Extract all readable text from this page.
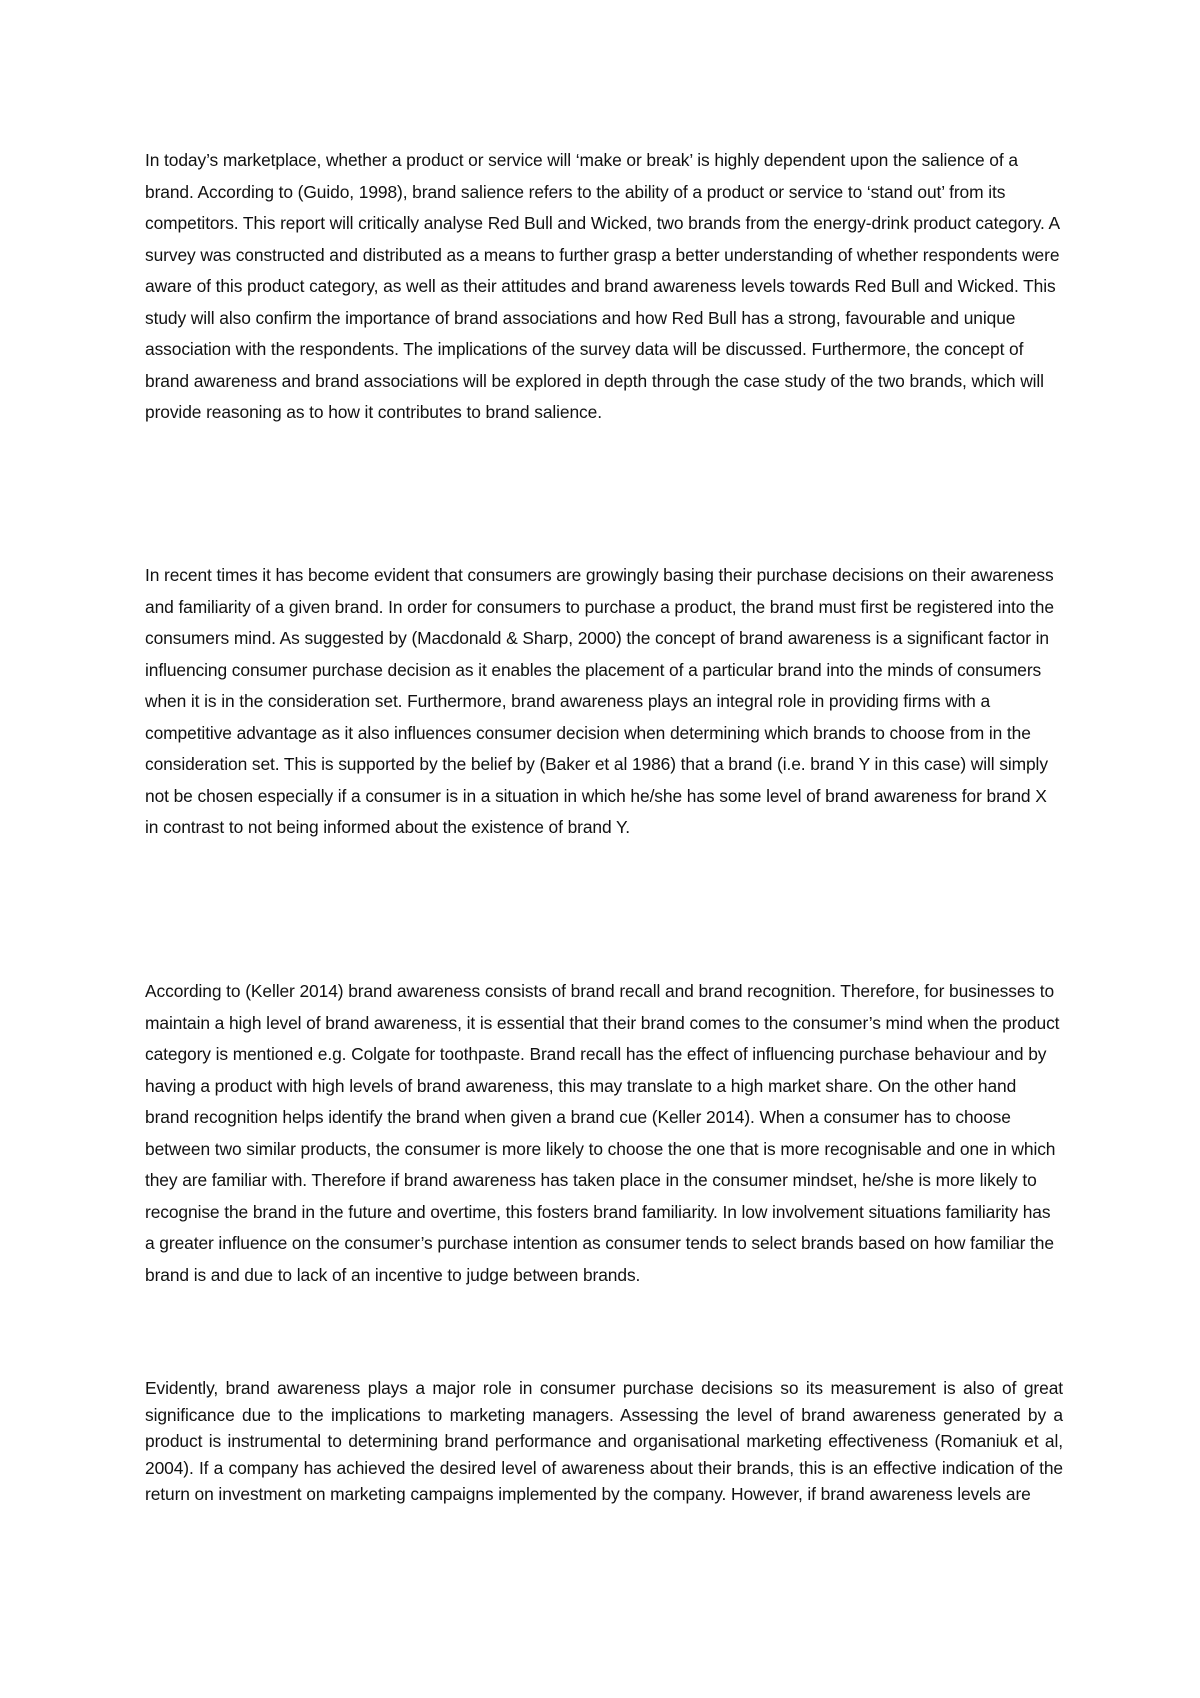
In today’s marketplace, whether a product or service will ‘make or break’ is highly dependent upon the salience of a brand. According to (Guido, 1998), brand salience refers to the ability of a product or service to ‘stand out’ from its competitors. This report will critically analyse Red Bull and Wicked, two brands from the energy-drink product category. A survey was constructed and distributed as a means to further grasp a better understanding of whether respondents were aware of this product category, as well as their attitudes and brand awareness levels towards Red Bull and Wicked. This study will also confirm the importance of brand associations and how Red Bull has a strong, favourable and unique association with the respondents. The implications of the survey data will be discussed. Furthermore, the concept of brand awareness and brand associations will be explored in depth through the case study of the two brands, which will provide reasoning as to how it contributes to brand salience.

In recent times it has become evident that consumers are growingly basing their purchase decisions on their awareness and familiarity of a given brand. In order for consumers to purchase a product, the brand must first be registered into the consumers mind. As suggested by (Macdonald & Sharp, 2000) the concept of brand awareness is a significant factor in influencing consumer purchase decision as it enables the placement of a particular brand into the minds of consumers when it is in the consideration set. Furthermore, brand awareness plays an integral role in providing firms with a competitive advantage as it also influences consumer decision when determining which brands to choose from in the consideration set. This is supported by the belief by (Baker et al 1986) that a brand (i.e. brand Y in this case) will simply not be chosen especially if a consumer is in a situation in which he/she has some level of brand awareness for brand X in contrast to not being informed about the existence of brand Y.

According to (Keller 2014) brand awareness consists of brand recall and brand recognition. Therefore, for businesses to maintain a high level of brand awareness, it is essential that their brand comes to the consumer’s mind when the product category is mentioned e.g. Colgate for toothpaste. Brand recall has the effect of influencing purchase behaviour and by having a product with high levels of brand awareness, this may translate to a high market share. On the other hand brand recognition helps identify the brand when given a brand cue (Keller 2014). When a consumer has to choose between two similar products, the consumer is more likely to choose the one that is more recognisable and one in which they are familiar with. Therefore if brand awareness has taken place in the consumer mindset, he/she is more likely to recognise the brand in the future and overtime, this fosters brand familiarity. In low involvement situations familiarity has a greater influence on the consumer’s purchase intention as consumer tends to select brands based on how familiar the brand is and due to lack of an incentive to judge between brands.

Evidently, brand awareness plays a major role in consumer purchase decisions so its measurement is also of great significance due to the implications to marketing managers. Assessing the level of brand awareness generated by a product is instrumental to determining brand performance and organisational marketing effectiveness (Romaniuk et al, 2004). If a company has achieved the desired level of awareness about their brands, this is an effective indication of the return on investment on marketing campaigns implemented by the company. However, if brand awareness levels are
